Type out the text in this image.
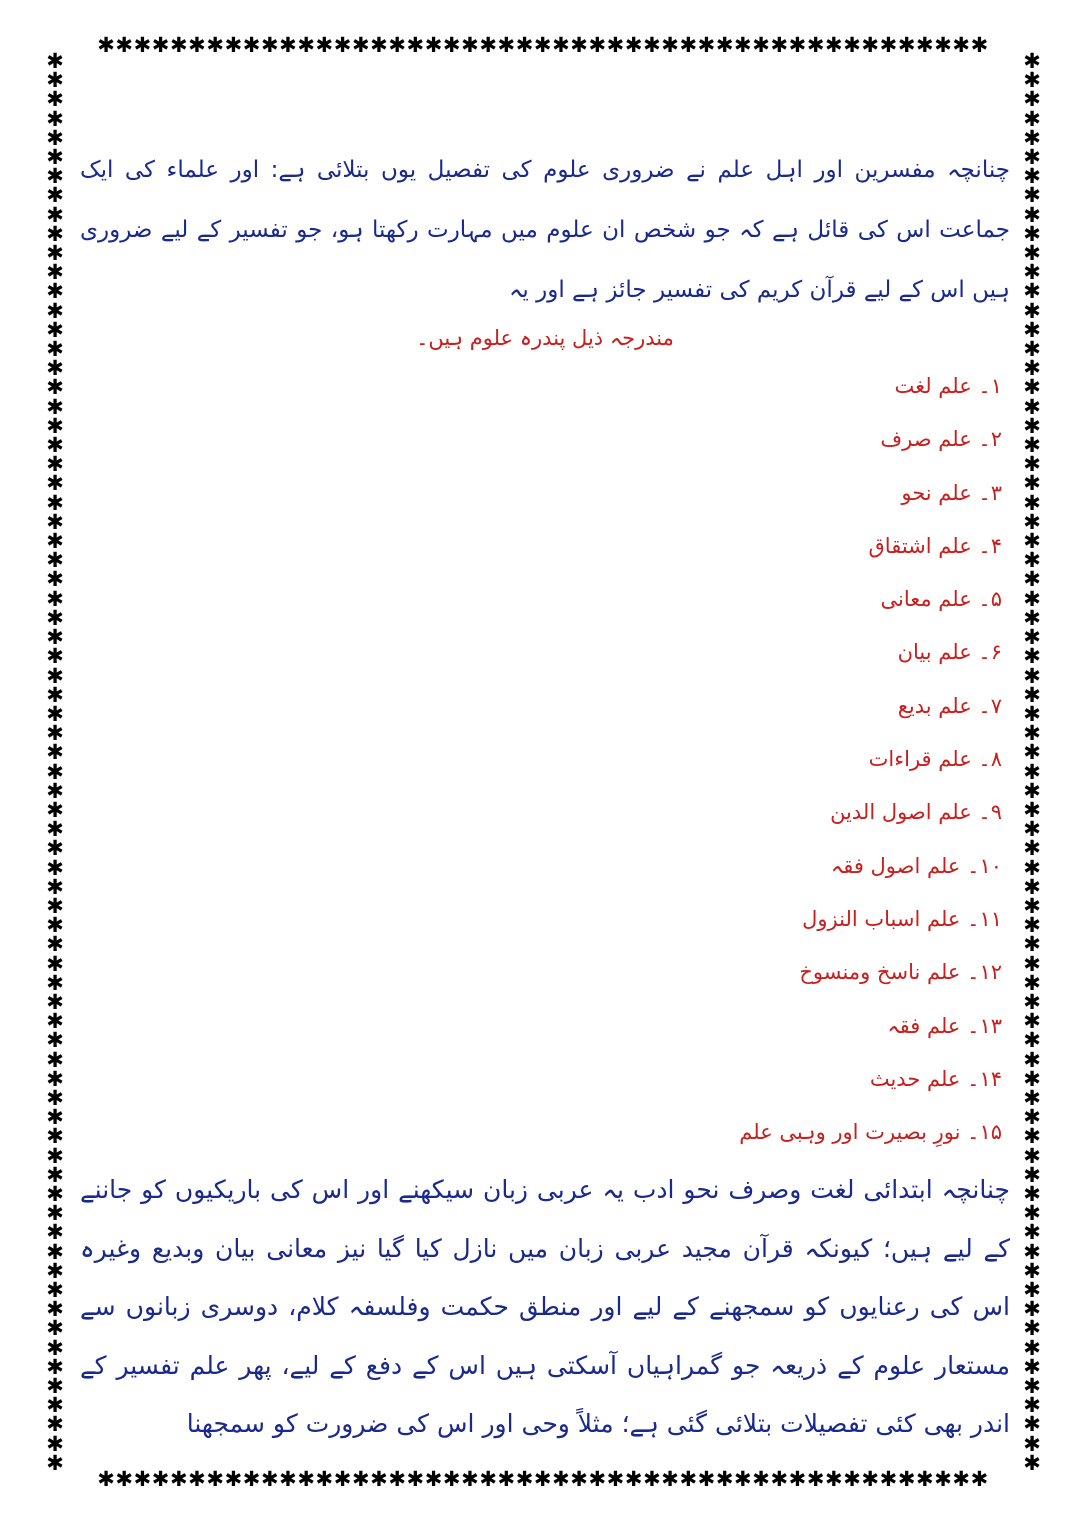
✱✱✱✱✱✱✱✱✱✱✱✱✱✱✱✱✱✱✱✱✱✱✱✱✱✱✱✱✱✱✱✱✱✱✱✱✱✱✱✱✱✱✱✱✱✱✱✱✱
✱✱✱✱✱✱✱✱✱✱✱✱✱✱✱✱✱✱✱✱✱✱✱✱✱✱✱✱✱✱✱✱✱✱✱✱✱✱✱✱✱✱✱✱✱✱✱✱✱
✱
✱
✱
✱
✱
✱
✱
✱
✱
✱
✱
✱
✱
✱
✱
✱
✱
✱
✱
✱
✱
✱
✱
✱
✱
✱
✱
✱
✱
✱
✱
✱
✱
✱
✱
✱
✱
✱
✱
✱
✱
✱
✱
✱
✱
✱
✱
✱
✱
✱
✱
✱
✱
✱
✱
✱
✱
✱
✱
✱
✱
✱
✱
✱
✱
✱
✱
✱
✱
✱
✱
✱
✱
✱
✱
✱
✱
✱
✱
✱
✱
✱
✱
✱
✱
✱
✱
✱
✱
✱
✱
✱
✱
✱
✱
✱
✱
✱
✱
✱
✱
✱
✱
✱
✱
✱
✱
✱
✱
✱
✱
✱
✱
✱
✱
✱
✱
✱
✱
✱
✱
✱
✱
✱
✱
✱
✱
✱
✱
✱
✱
✱
✱
✱
✱
✱
✱
✱
✱
✱
✱
✱
✱
✱
✱
✱
✱
✱

چنانچہ مفسرین اور اہل علم نے ضروری علوم کی تفصیل یوں بتلائی ہے: اور علماء کی ایک جماعت اس کی قائل ہے کہ جو شخص ان علوم میں مہارت رکھتا ہو، جو تفسیر کے لیے ضروری ہیں اس کے لیے قرآن کریم کی تفسیر جائز ہے اور یہ

مندرجہ ذیل پندرہ علوم ہیں۔

۱۔ علم لغت
۲۔ علم صرف
۳۔ علم نحو
۴۔ علم اشتقاق
۵۔ علم معانی
۶۔ علم بیان
۷۔ علم بدیع
۸۔ علم قراءات
۹۔ علم اصول الدین
۱۰۔ علم اصول فقہ
۱۱۔ علم اسباب النزول
۱۲۔ علم ناسخ ومنسوخ
۱۳۔ علم فقہ
۱۴۔ علم حدیث
۱۵۔ نورِ بصیرت اور وہبی علم

چنانچہ ابتدائی لغت وصرف نحو ادب یہ عربی زبان سیکھنے اور اس کی باریکیوں کو جاننے کے لیے ہیں؛ کیونکہ قرآن مجید عربی زبان میں نازل کیا گیا نیز معانی بیان وبدیع وغیرہ اس کی رعنایوں کو سمجھنے کے لیے اور منطق حکمت وفلسفہ کلام، دوسری زبانوں سے مستعار علوم کے ذریعہ جو گمراہیاں آسکتی ہیں اس کے دفع کے لیے، پھر علم تفسیر کے اندر بھی کئی تفصیلات بتلائی گئی ہے؛ مثلاً وحی اور اس کی ضرورت کو سمجھنا
